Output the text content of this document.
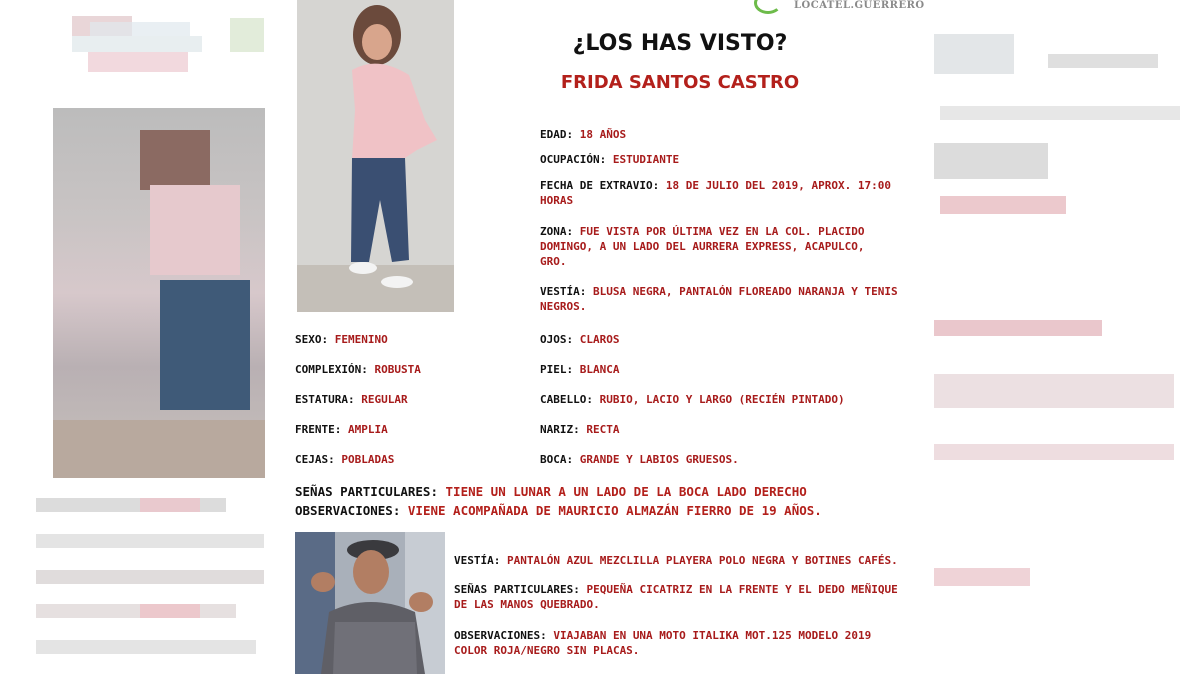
LOCATEL.GUERRERO
¿LOS HAS VISTO?
FRIDA SANTOS CASTRO
EDAD: 18 AÑOS
OCUPACIÓN: ESTUDIANTE
FECHA DE EXTRAVIO: 18 DE JULIO DEL 2019, APROX. 17:00
HORAS
ZONA: FUE VISTA POR ÚLTIMA VEZ EN LA COL. PLACIDO
DOMINGO, A UN LADO DEL AURRERA EXPRESS, ACAPULCO,
GRO.
VESTÍA: BLUSA NEGRA, PANTALÓN FLOREADO NARANJA Y TENIS
NEGROS.
SEXO: FEMENINO
COMPLEXIÓN: ROBUSTA
ESTATURA: REGULAR
FRENTE: AMPLIA
CEJAS: POBLADAS
OJOS: CLAROS
PIEL: BLANCA
CABELLO: RUBIO, LACIO Y LARGO (RECIÉN PINTADO)
NARIZ: RECTA
BOCA: GRANDE Y LABIOS GRUESOS.
SEÑAS PARTICULARES: TIENE UN LUNAR A UN LADO DE LA BOCA LADO DERECHO
OBSERVACIONES: VIENE ACOMPAÑADA DE MAURICIO ALMAZÁN FIERRO DE 19 AÑOS.
VESTÍA: PANTALÓN AZUL MEZCLILLA PLAYERA POLO NEGRA Y BOTINES CAFÉS.
SEÑAS PARTICULARES: PEQUEÑA CICATRIZ EN LA FRENTE Y EL DEDO MEÑIQUE
DE LAS MANOS QUEBRADO.
OBSERVACIONES: VIAJABAN EN UNA MOTO ITALIKA MOT.125 MODELO 2019
COLOR ROJA/NEGRO SIN PLACAS.
